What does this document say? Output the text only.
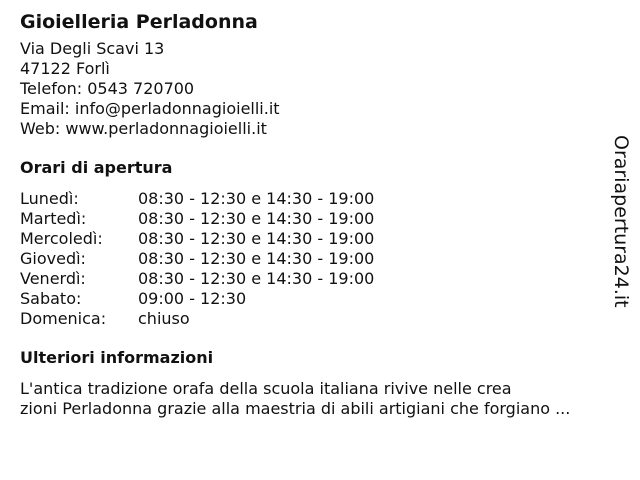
Gioielleria Perladonna
Via Degli Scavi 13
47122 Forlì
Telefon: 0543 720700
Email: info@perladonnagioielli.it
Web: www.perladonnagioielli.it
Orari di apertura
Lunedì:	08:30 - 12:30 e 14:30 - 19:00
Martedì:	08:30 - 12:30 e 14:30 - 19:00
Mercoledì:	08:30 - 12:30 e 14:30 - 19:00
Giovedì:	08:30 - 12:30 e 14:30 - 19:00
Venerdì:	08:30 - 12:30 e 14:30 - 19:00
Sabato:	09:00 - 12:30
Domenica:	chiuso
Ulteriori informazioni
L'antica tradizione orafa della scuola italiana rivive nelle crea
zioni Perladonna grazie alla maestria di abili artigiani che forgiano ...
Orariapertura24.it
